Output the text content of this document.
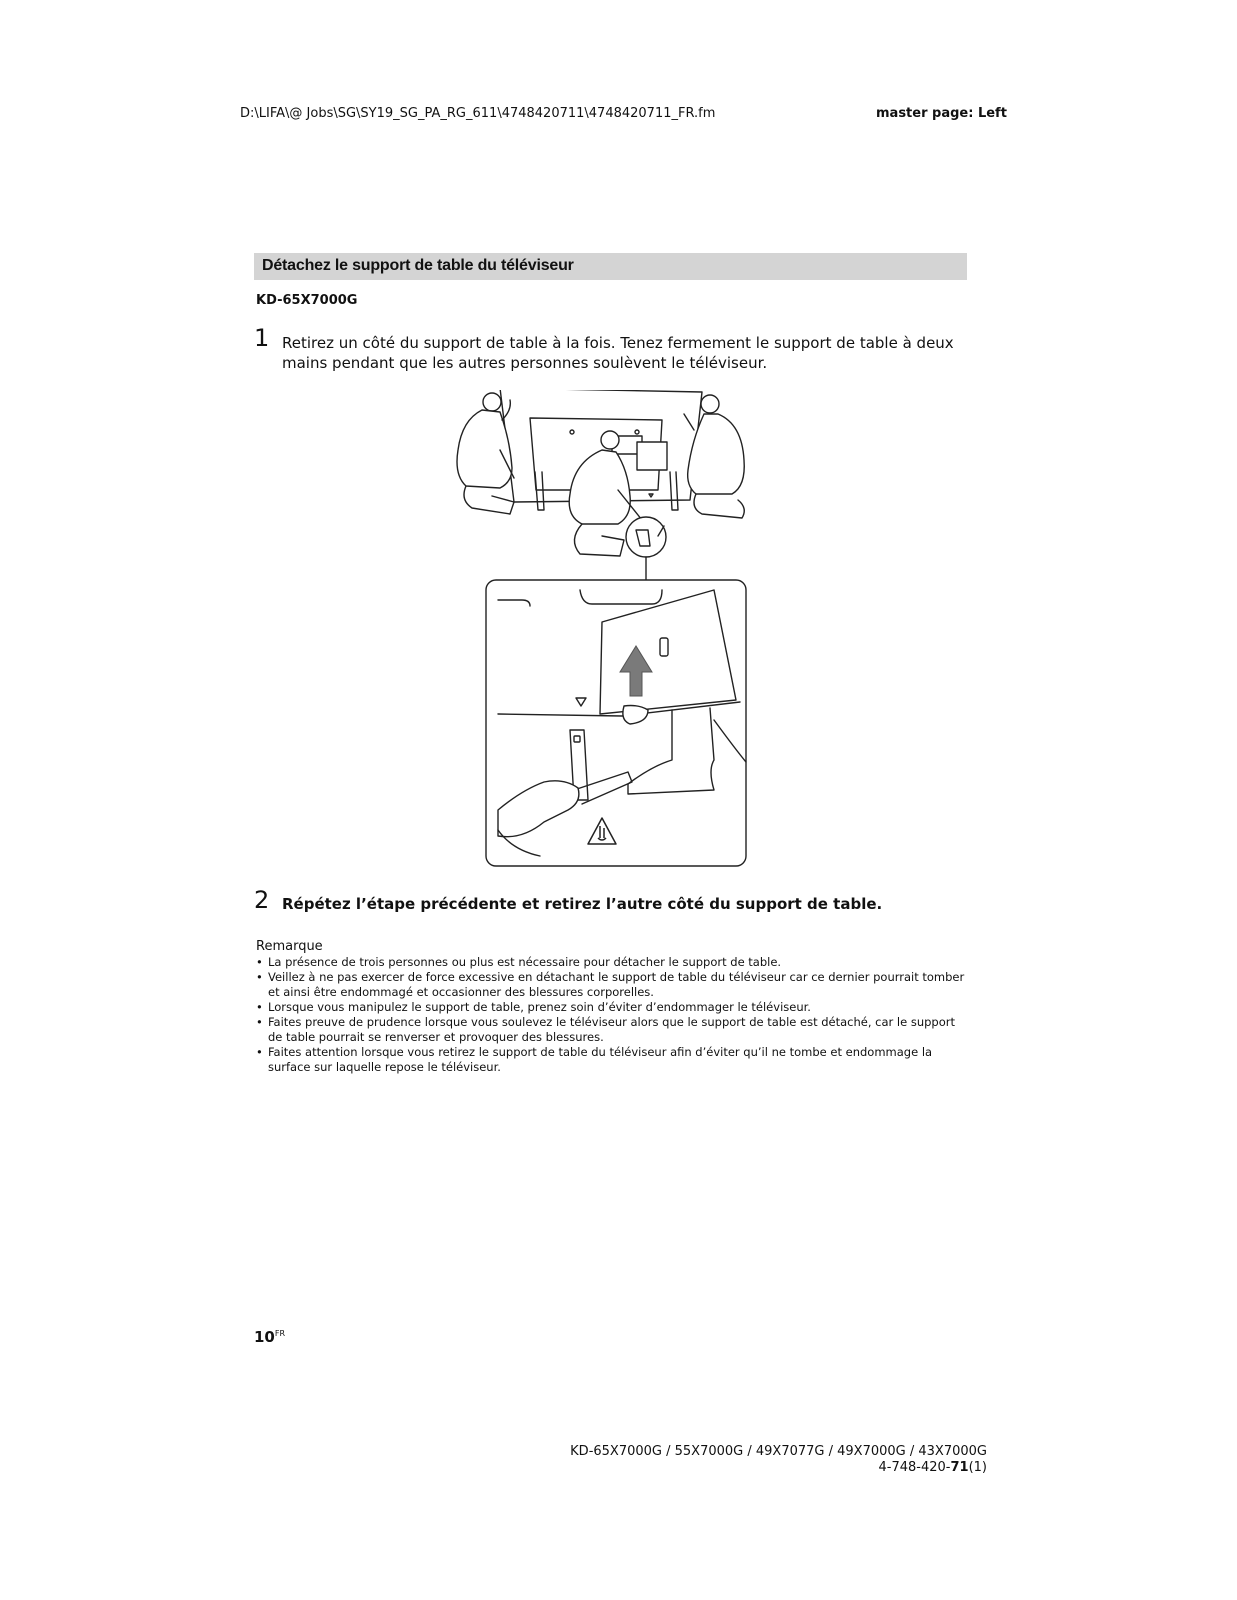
D:\LIFA\@ Jobs\SG\SY19_SG_PA_RG_611\4748420711\4748420711_FR.fm	master page: Left
Détachez le support de table du téléviseur
KD-65X7000G
1 Retirez un côté du support de table à la fois. Tenez fermement le support de table à deux mains pendant que les autres personnes soulèvent le téléviseur.
2 Répétez l’étape précédente et retirez l’autre côté du support de table.
Remarque
• La présence de trois personnes ou plus est nécessaire pour détacher le support de table.
• Veillez à ne pas exercer de force excessive en détachant le support de table du téléviseur car ce dernier pourrait tomber et ainsi être endommagé et occasionner des blessures corporelles.
• Lorsque vous manipulez le support de table, prenez soin d’éviter d’endommager le téléviseur.
• Faites preuve de prudence lorsque vous soulevez le téléviseur alors que le support de table est détaché, car le support de table pourrait se renverser et provoquer des blessures.
• Faites attention lorsque vous retirez le support de table du téléviseur afin d’éviter qu’il ne tombe et endommage la surface sur laquelle repose le téléviseur.
$10^{FR}$
KD-65X7000G / 55X7000G / 49X7077G / 49X7000G / 43X7000G
4-748-420-71(1)
